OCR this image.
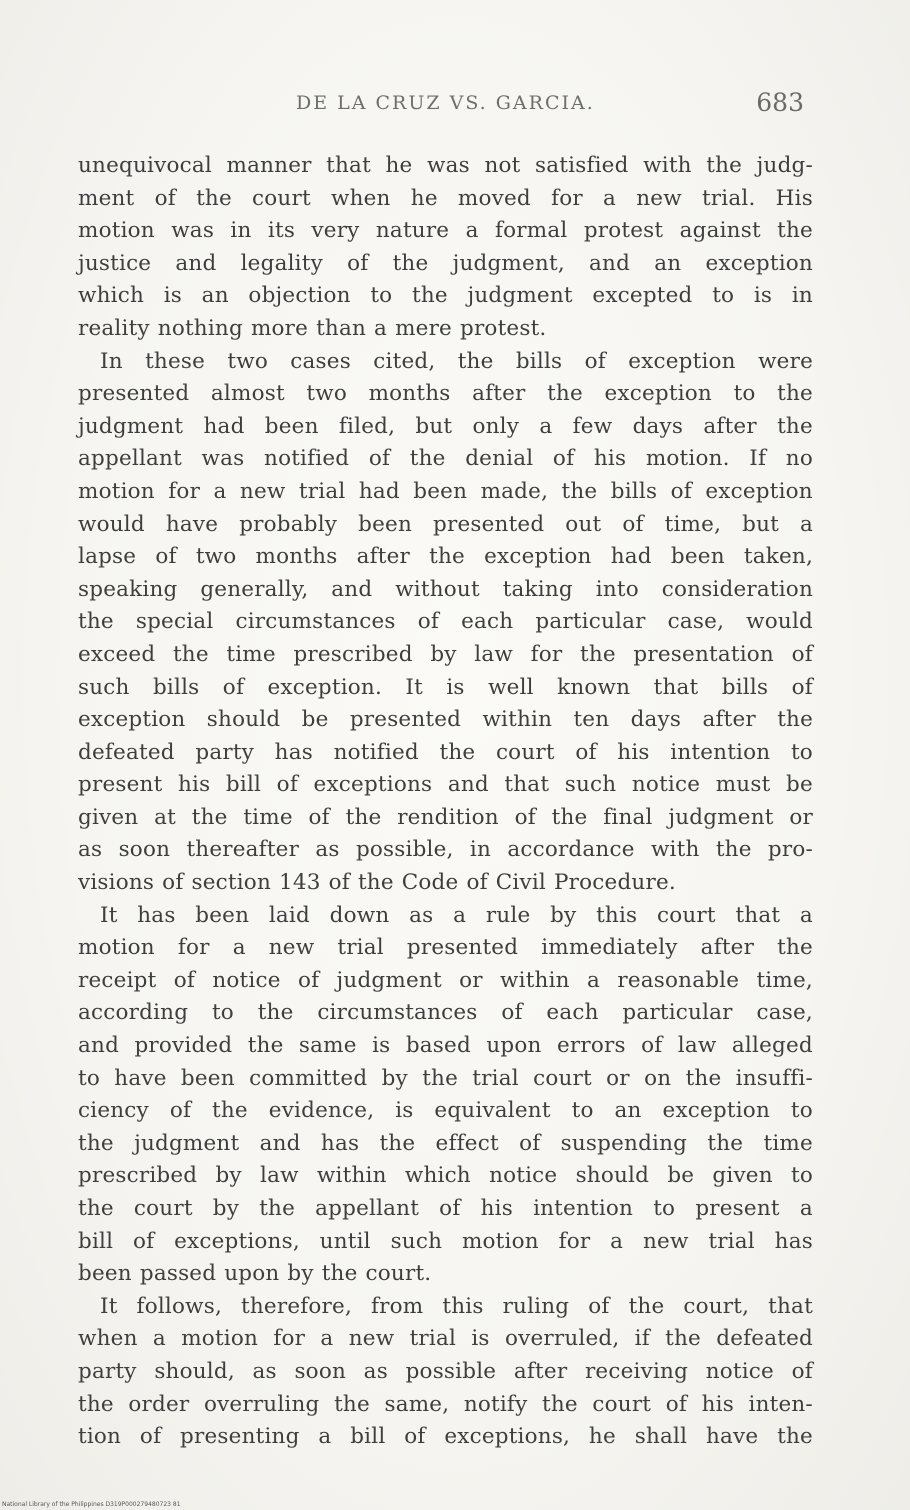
DE LA CRUZ VS. GARCIA.	683
unequivocal manner that he was not satisfied with the judg-
ment of the court when he moved for a new trial. His
motion was in its very nature a formal protest against the
justice and legality of the judgment, and an exception
which is an objection to the judgment excepted to is in
reality nothing more than a mere protest.
In these two cases cited, the bills of exception were
presented almost two months after the exception to the
judgment had been filed, but only a few days after the
appellant was notified of the denial of his motion. If no
motion for a new trial had been made, the bills of exception
would have probably been presented out of time, but a
lapse of two months after the exception had been taken,
speaking generally, and without taking into consideration
the special circumstances of each particular case, would
exceed the time prescribed by law for the presentation of
such bills of exception. It is well known that bills of
exception should be presented within ten days after the
defeated party has notified the court of his intention to
present his bill of exceptions and that such notice must be
given at the time of the rendition of the final judgment or
as soon thereafter as possible, in accordance with the pro-
visions of section 143 of the Code of Civil Procedure.
It has been laid down as a rule by this court that a
motion for a new trial presented immediately after the
receipt of notice of judgment or within a reasonable time,
according to the circumstances of each particular case,
and provided the same is based upon errors of law alleged
to have been committed by the trial court or on the insuffi-
ciency of the evidence, is equivalent to an exception to
the judgment and has the effect of suspending the time
prescribed by law within which notice should be given to
the court by the appellant of his intention to present a
bill of exceptions, until such motion for a new trial has
been passed upon by the court.
It follows, therefore, from this ruling of the court, that
when a motion for a new trial is overruled, if the defeated
party should, as soon as possible after receiving notice of
the order overruling the same, notify the court of his inten-
tion of presenting a bill of exceptions, he shall have the
National Library of the Philippines D319P000279480723 81
